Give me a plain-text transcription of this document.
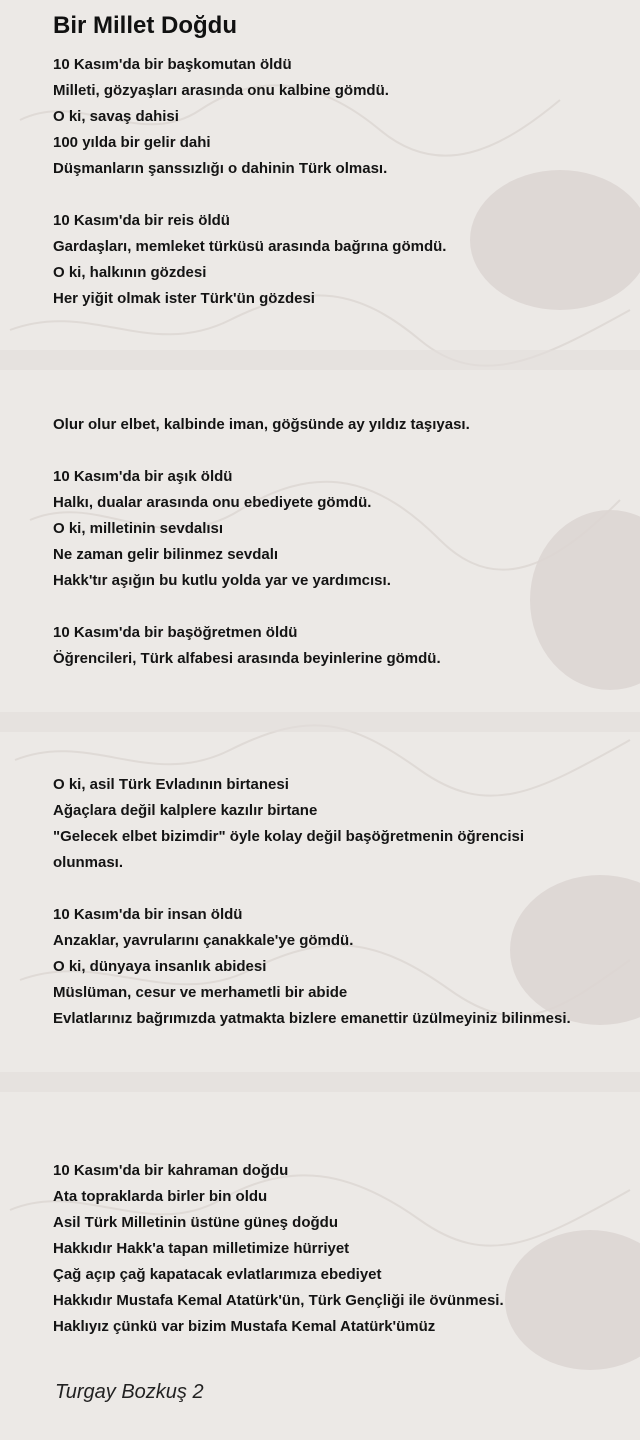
Bir Millet Doğdu
10 Kasım'da bir başkomutan öldü
Milleti, gözyaşları arasında onu kalbine gömdü.
O ki, savaş dahisi
100 yılda bir gelir dahi
Düşmanların şanssızlığı o dahinin Türk olması.
10 Kasım'da bir reis öldü
Gardaşları, memleket türküsü arasında bağrına gömdü.
O ki, halkının gözdesi
Her yiğit olmak ister Türk'ün gözdesi
Olur olur elbet, kalbinde iman, göğsünde ay yıldız taşıyası.
10 Kasım'da bir aşık öldü
Halkı, dualar arasında onu ebediyete gömdü.
O ki, milletinin sevdalısı
Ne zaman gelir bilinmez sevdalı
Hakk'tır aşığın bu kutlu yolda yar ve yardımcısı.
10 Kasım'da bir başöğretmen öldü
Öğrencileri, Türk alfabesi arasında beyinlerine gömdü.
O ki, asil Türk Evladının birtanesi
Ağaçlara değil kalplere kazılır birtane
"Gelecek elbet bizimdir" öyle kolay değil başöğretmenin öğrencisi
olunması.
10 Kasım'da bir insan öldü
Anzaklar, yavrularını çanakkale'ye gömdü.
O ki, dünyaya insanlık abidesi
Müslüman, cesur ve merhametli bir abide
Evlatlarınız bağrımızda yatmakta bizlere emanettir üzülmeyiniz bilinmesi.
10 Kasım'da bir kahraman doğdu
Ata topraklarda birler bin oldu
Asil Türk Milletinin üstüne güneş doğdu
Hakkıdır Hakk'a tapan milletimize hürriyet
Çağ açıp çağ kapatacak evlatlarımıza ebediyet
Hakkıdır Mustafa Kemal Atatürk'ün, Türk Gençliği ile övünmesi.
Haklıyız çünkü var bizim Mustafa Kemal Atatürk'ümüz
Turgay Bozkuş 2
